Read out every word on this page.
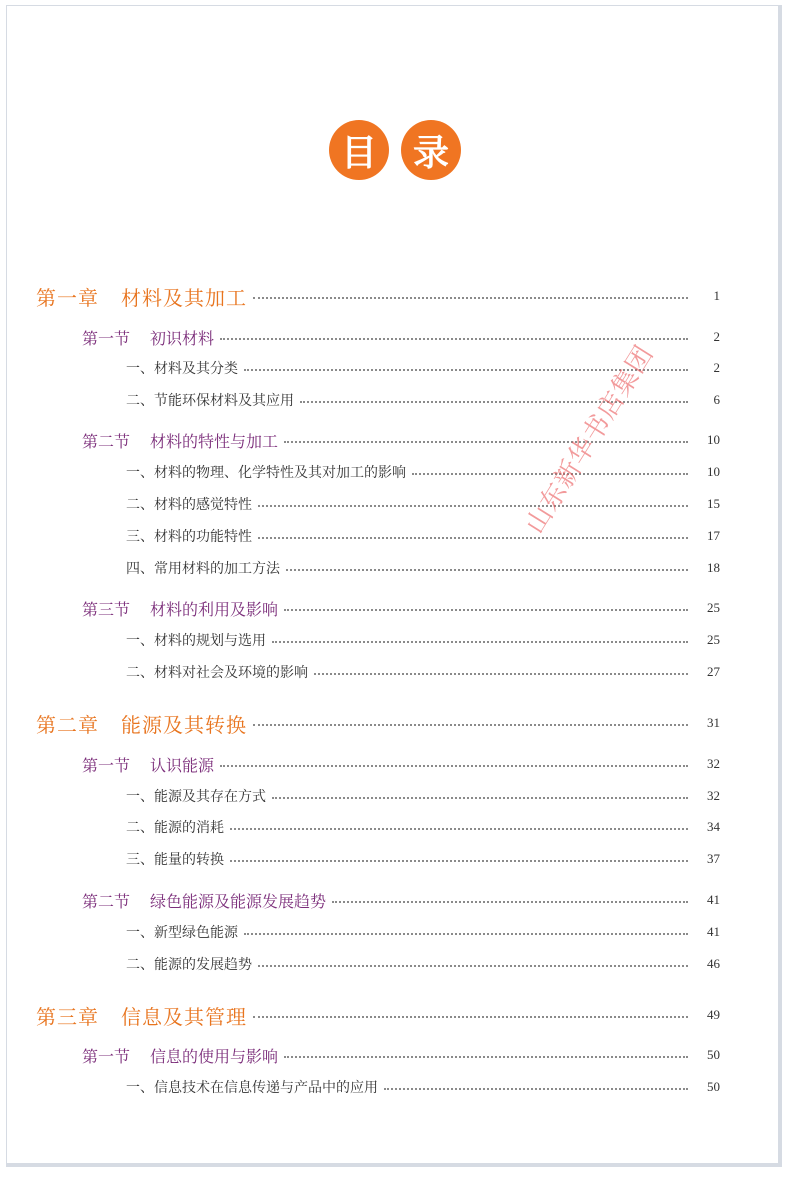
目 录
第一章 材料及其加工	1
第一节 初识材料	2
一、材料及其分类	2
二、节能环保材料及其应用	6
第二节 材料的特性与加工	10
一、材料的物理、化学特性及其对加工的影响	10
二、材料的感觉特性	15
三、材料的功能特性	17
四、常用材料的加工方法	18
第三节 材料的利用及影响	25
一、材料的规划与选用	25
二、材料对社会及环境的影响	27
第二章 能源及其转换	31
第一节 认识能源	32
一、能源及其存在方式	32
二、能源的消耗	34
三、能量的转换	37
第二节 绿色能源及能源发展趋势	41
一、新型绿色能源	41
二、能源的发展趋势	46
第三章 信息及其管理	49
第一节 信息的使用与影响	50
一、信息技术在信息传递与产品中的应用	50
山东新华书店集团
